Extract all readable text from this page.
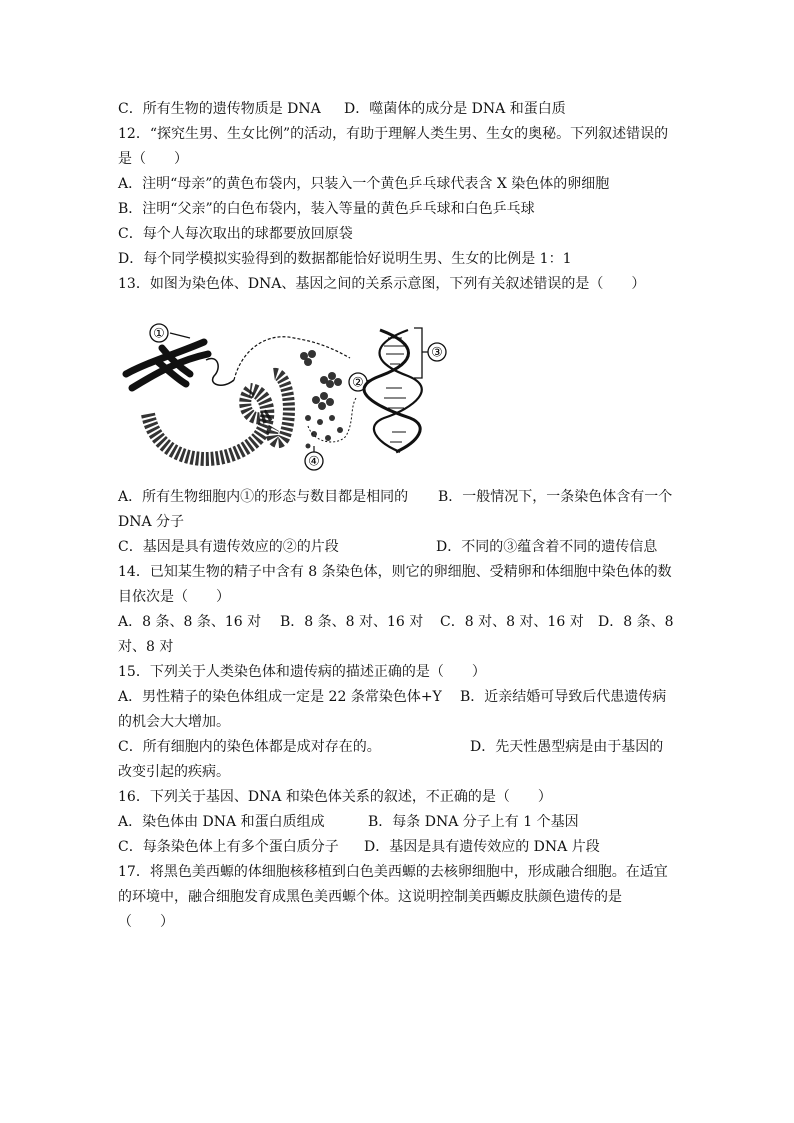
C．所有生物的遗传物质是 DNA D．噬菌体的成分是 DNA 和蛋白质
12．“探究生男、生女比例”的活动，有助于理解人类生男、生女的奥秘。下列叙述错误的
是（　　）
A．注明“母亲”的黄色布袋内，只装入一个黄色乒乓球代表含 X 染色体的卵细胞
B．注明“父亲”的白色布袋内，装入等量的黄色乒乓球和白色乒乓球
C．每个人每次取出的球都要放回原袋
D．每个同学模拟实验得到的数据都能恰好说明生男、生女的比例是 1：1
13．如图为染色体、DNA、基因之间的关系示意图，下列有关叙述错误的是（　　）
①
②
④
③
A．所有生物细胞内①的形态与数目都是相同的 B．一般情况下，一条染色体含有一个
DNA 分子
C．基因是具有遗传效应的②的片段	D．不同的③蕴含着不同的遗传信息
14．已知某生物的精子中含有 8 条染色体，则它的卵细胞、受精卵和体细胞中染色体的数
目依次是（　　）
A．8 条、8 条、16 对 B．8 条、8 对、16 对 C．8 对、8 对、16 对 D．8 条、8
对、8 对
15．下列关于人类染色体和遗传病的描述正确的是（　　）
A．男性精子的染色体组成一定是 22 条常染色体+Y B．近亲结婚可导致后代患遗传病
的机会大大增加。
C．所有细胞内的染色体都是成对存在的。	D．先天性愚型病是由于基因的
改变引起的疾病。
16．下列关于基因、DNA 和染色体关系的叙述，不正确的是（　　）
A．染色体由 DNA 和蛋白质组成	B．每条 DNA 分子上有 1 个基因
C．每条染色体上有多个蛋白质分子 D．基因是具有遗传效应的 DNA 片段
17．将黑色美西螈的体细胞核移植到白色美西螈的去核卵细胞中，形成融合细胞。在适宜
的环境中，融合细胞发育成黑色美西螈个体。这说明控制美西螈皮肤颜色遗传的是
（　　）
